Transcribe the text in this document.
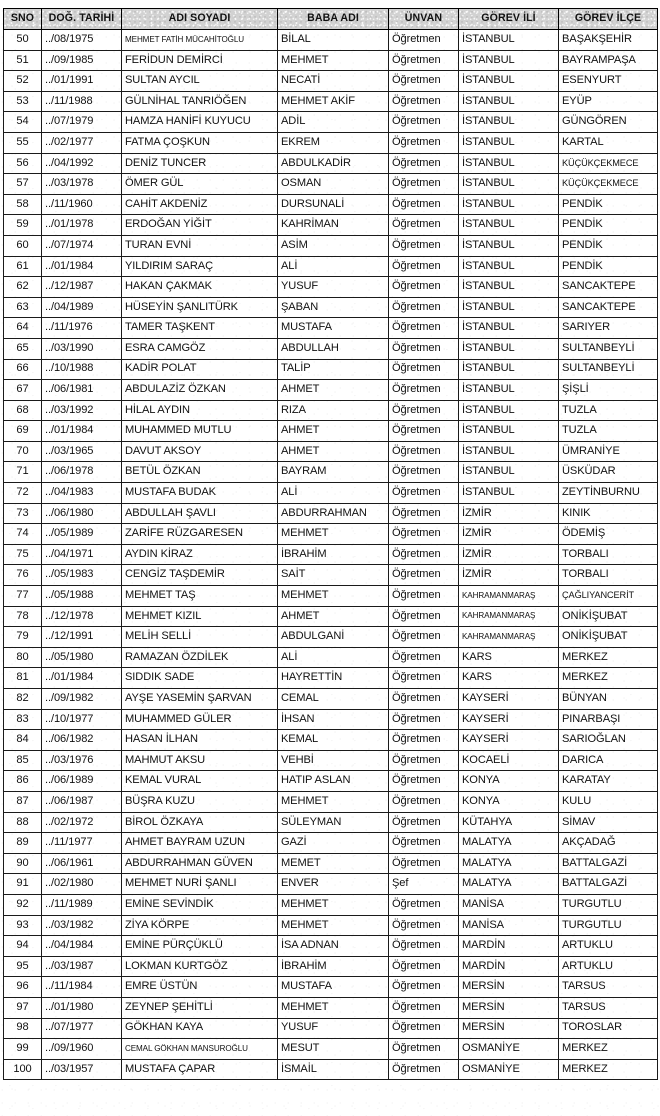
SNO	DOĞ. TARİHİ	ADI SOYADI	BABA ADI	ÜNVAN	GÖREV İLİ	GÖREV İLÇE
50	../08/1975	MEHMET FATİH MÜCAHİTOĞLU	BİLAL	Öğretmen	İSTANBUL	BAŞAKŞEHİR
51	../09/1985	FERİDUN DEMİRCİ	MEHMET	Öğretmen	İSTANBUL	BAYRAMPAŞA
52	../01/1991	SULTAN AYCIL	NECATİ	Öğretmen	İSTANBUL	ESENYURT
53	../11/1988	GÜLNİHAL TANRIÖĞEN	MEHMET AKİF	Öğretmen	İSTANBUL	EYÜP
54	../07/1979	HAMZA HANİFİ KUYUCU	ADİL	Öğretmen	İSTANBUL	GÜNGÖREN
55	../02/1977	FATMA ÇOŞKUN	EKREM	Öğretmen	İSTANBUL	KARTAL
56	../04/1992	DENİZ TUNCER	ABDULKADİR	Öğretmen	İSTANBUL	KÜÇÜKÇEKMECE
57	../03/1978	ÖMER GÜL	OSMAN	Öğretmen	İSTANBUL	KÜÇÜKÇEKMECE
58	../11/1960	CAHİT AKDENİZ	DURSUNALİ	Öğretmen	İSTANBUL	PENDİK
59	../01/1978	ERDOĞAN YİĞİT	KAHRİMAN	Öğretmen	İSTANBUL	PENDİK
60	../07/1974	TURAN EVNİ	ASİM	Öğretmen	İSTANBUL	PENDİK
61	../01/1984	YILDIRIM SARAÇ	ALİ	Öğretmen	İSTANBUL	PENDİK
62	../12/1987	HAKAN ÇAKMAK	YUSUF	Öğretmen	İSTANBUL	SANCAKTEPE
63	../04/1989	HÜSEYİN ŞANLITÜRK	ŞABAN	Öğretmen	İSTANBUL	SANCAKTEPE
64	../11/1976	TAMER TAŞKENT	MUSTAFA	Öğretmen	İSTANBUL	SARIYER
65	../03/1990	ESRA CAMGÖZ	ABDULLAH	Öğretmen	İSTANBUL	SULTANBEYLİ
66	../10/1988	KADİR POLAT	TALİP	Öğretmen	İSTANBUL	SULTANBEYLİ
67	../06/1981	ABDULAZİZ ÖZKAN	AHMET	Öğretmen	İSTANBUL	ŞİŞLİ
68	../03/1992	HİLAL AYDIN	RIZA	Öğretmen	İSTANBUL	TUZLA
69	../01/1984	MUHAMMED MUTLU	AHMET	Öğretmen	İSTANBUL	TUZLA
70	../03/1965	DAVUT AKSOY	AHMET	Öğretmen	İSTANBUL	ÜMRANİYE
71	../06/1978	BETÜL ÖZKAN	BAYRAM	Öğretmen	İSTANBUL	ÜSKÜDAR
72	../04/1983	MUSTAFA BUDAK	ALİ	Öğretmen	İSTANBUL	ZEYTİNBURNU
73	../06/1980	ABDULLAH ŞAVLI	ABDURRAHMAN	Öğretmen	İZMİR	KINIK
74	../05/1989	ZARİFE RÜZGARESEN	MEHMET	Öğretmen	İZMİR	ÖDEMİŞ
75	../04/1971	AYDIN KİRAZ	İBRAHİM	Öğretmen	İZMİR	TORBALI
76	../05/1983	CENGİZ TAŞDEMİR	SAİT	Öğretmen	İZMİR	TORBALI
77	../05/1988	MEHMET TAŞ	MEHMET	Öğretmen	KAHRAMANMARAŞ	ÇAĞLIYANCERİT
78	../12/1978	MEHMET KIZIL	AHMET	Öğretmen	KAHRAMANMARAŞ	ONİKİŞUBAT
79	../12/1991	MELİH SELLİ	ABDULGANİ	Öğretmen	KAHRAMANMARAŞ	ONİKİŞUBAT
80	../05/1980	RAMAZAN ÖZDİLEK	ALİ	Öğretmen	KARS	MERKEZ
81	../01/1984	SIDDIK SADE	HAYRETTİN	Öğretmen	KARS	MERKEZ
82	../09/1982	AYŞE YASEMİN ŞARVAN	CEMAL	Öğretmen	KAYSERİ	BÜNYAN
83	../10/1977	MUHAMMED GÜLER	İHSAN	Öğretmen	KAYSERİ	PINARBAŞI
84	../06/1982	HASAN İLHAN	KEMAL	Öğretmen	KAYSERİ	SARIOĞLAN
85	../03/1976	MAHMUT AKSU	VEHBİ	Öğretmen	KOCAELİ	DARICA
86	../06/1989	KEMAL VURAL	HATIP ASLAN	Öğretmen	KONYA	KARATAY
87	../06/1987	BÜŞRA KUZU	MEHMET	Öğretmen	KONYA	KULU
88	../02/1972	BİROL ÖZKAYA	SÜLEYMAN	Öğretmen	KÜTAHYA	SİMAV
89	../11/1977	AHMET BAYRAM UZUN	GAZİ	Öğretmen	MALATYA	AKÇADAĞ
90	../06/1961	ABDURRAHMAN GÜVEN	MEMET	Öğretmen	MALATYA	BATTALGAZİ
91	../02/1980	MEHMET NURİ ŞANLI	ENVER	Şef	MALATYA	BATTALGAZİ
92	../11/1989	EMİNE SEVİNDİK	MEHMET	Öğretmen	MANİSA	TURGUTLU
93	../03/1982	ZİYA KÖRPE	MEHMET	Öğretmen	MANİSA	TURGUTLU
94	../04/1984	EMİNE PÜRÇÜKLÜ	İSA ADNAN	Öğretmen	MARDİN	ARTUKLU
95	../03/1987	LOKMAN KURTGÖZ	İBRAHİM	Öğretmen	MARDİN	ARTUKLU
96	../11/1984	EMRE ÜSTÜN	MUSTAFA	Öğretmen	MERSİN	TARSUS
97	../01/1980	ZEYNEP ŞEHİTLİ	MEHMET	Öğretmen	MERSİN	TARSUS
98	../07/1977	GÖKHAN KAYA	YUSUF	Öğretmen	MERSİN	TOROSLAR
99	../09/1960	CEMAL GÖKHAN MANSUROĞLU	MESUT	Öğretmen	OSMANİYE	MERKEZ
100	../03/1957	MUSTAFA ÇAPAR	İSMAİL	Öğretmen	OSMANİYE	MERKEZ
